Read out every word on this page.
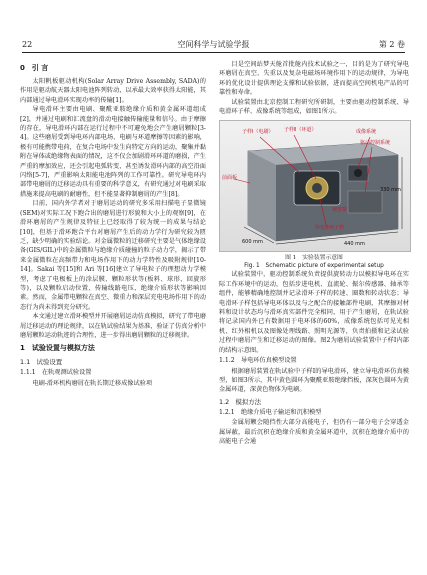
22	空间科学与试验学报	第 2 卷
0　引 言

太阳帆板驱动机构(Solar Array Drive Assembly, SADA)的作用是驱动航天器太阳电池阵列转动，以承最大效率获得太阳能，其内部通过导电滑环实现功率的传输[1]。

导电滑环主要由电刷、聚酰亚胺绝缘介质和黄金属环道组成[2]，并通过电刷和汇流盘的滑动电接触传输能量和信号。由于摩擦的存在，导电滑环内部在运行过程中不可避免地会产生磨屑颗粒[3-4]。这些磨屑受到导电环内部电场、电刷与环道摩擦等因素的影响，极有可能携带电荷，在复合电场中发生向特定方向的运动，聚集并黏附在导体或绝缘物表面的情况，这不仅会加剧滑环环道的磨损，产生严重的摩加效应，还会引起电弧转变，甚至诱发滑环内部的高空沿面闪络[5-7]，严重影响太阳能电池阵列的工作可靠性。研究导电环内部带电磨屑的迁移运动具有重要的科学意义，有研究通过对电刷采取措施来提高电刷的耐磨性，但不能显著抑制磨屑的产生[8]。

目前，国内外学者对于磨屑运动的研究多采用扫描电子显微镜(SEM)对实际工况下跑合出的磨屑进行形貌和大小上的观察[9]，在滑环磨屑的产生规律及特征上已经取得了较为统一的成果与结论[10]，但基于滑环跑合平台对磨屑产生后的动力学行为研究较为匮乏，缺少明确的实验结论。对金属微粒的迁移研究主要是气体绝缘设备(GIS/GIL)中的金属微粒与绝缘介质碰撞的粒子动力学，揭示了带来金属微粒在高频带力和电场作用下的动力学特性及吸附规律[10-14]。Sakai 等[15]和 Ari 等[16]建立了导电粒子的理想动力学模型，考虑了电极板上的涂层膜、颗粒形状等(板料、球形、回旋形等)，以及颗粒启动位置、传输线路电压、绝缘介质形状等影响因素。然而，金属带电颗粒在真空、微重力和深层充电电场作用下的动态行为尚未得到充分研究。

本文通过建立滑环模型并开展磨屑运动仿真模拟，研究了带电磨屑迁移运动的理论规律，以在轨试验结果为基准，验证了仿真分析中磨屑颗粒运动轨迹的合理性，进一步得出磨屑颗粒的迁移规律。

1　试验设置与模拟方法
1.1　试验设置
1.1.1　在轨观测试验设置

电刷-滑环机构磨屑在轨长期迁移成像试验项

目是空间站梦天舱首批舱内技术试验之一，目的是为了研究导电环磨屑在真空、失重以及复杂电磁场环境作用下的运动规律，为导电环的优化设计提供理论支撑和试验依据，进而提高空间机电产品的可靠性和寿命。

试验装置由北京控制工程研究所研制，主要由驱动控制系统、导电滑环子样、成像系统等组成，如图1所示。

子样Ⅰ（电刷） 子样Ⅱ（环道）	成像系统
驱动控制系统
前面板
导电滑环子样
观察窗
330 mm
600 mm	440 mm
图 1　实验装置示意图
Fig. 1　Schematic picture of experimental setup

试验装置中，驱动控制系统负责提供旋转动力以模拟导电环在实际工作环境中的运动，包括步进电机、直流轮、振尔传感器、轴承等组件，能够精确地控制并记录滑环子样的转速、圈数和转动状态；导电滑环子样包括导电环体以及与之配合的接触部件电刷，其摩擦对材料和设计状态均与滑环真实部件完全相同，用于产生磨屑，在轨试验将记录国内外已有数据用于电环体的60%，成像系统包括可见光相机、红外相机以及图像处理线路、照明光源等，负责拍摄和记录试验过程中磨屑产生和迁移运动的图像。图2为磨屑试验装置中子样Ⅰ内部的结构示意图。

1.1.2　导电环仿真模型设置

根据磨屑装置在轨试验中子样Ⅰ的导电滑环，建立导电滑环仿真模型，如图3所示，其中黄色圆环为聚酰亚胺绝缘挡板，深灰色圆环为黄金属环道，深黄色物体为电刷。

1.2　模拟方法
1.2.1　绝缘介质电子输运和沉积模型

金属屑颗会随挡性大部分高能电子，但仍有一部分电子会穿透金属屏蔽，最后沉积在绝缘介质和黄金属环道中，沉积在绝缘介质中的高能电子会通
